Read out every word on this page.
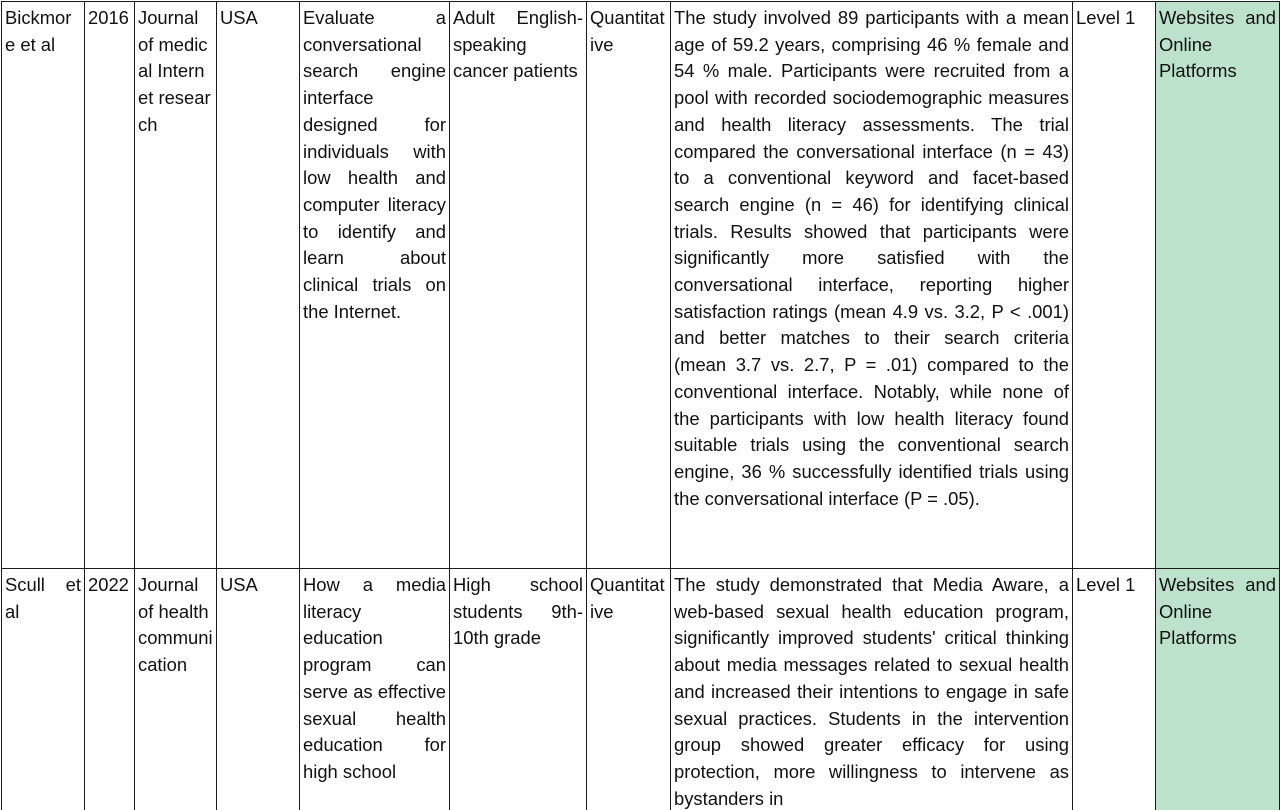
Bickmore et al	2016	Journal of medical Internet research	USA	Evaluate a conversational search engine interface designed for individuals with low health and computer literacy to identify and learn about clinical trials on the Internet.	Adult English-speaking cancer patients	Quantitative	The study involved 89 participants with a mean age of 59.2 years, comprising 46 % female and 54 % male. Participants were recruited from a pool with recorded sociodemographic measures and health literacy assessments. The trial compared the conversational interface (n = 43) to a conventional keyword and facet-based search engine (n = 46) for identifying clinical trials. Results showed that participants were significantly more satisfied with the conversational interface, reporting higher satisfaction ratings (mean 4.9 vs. 3.2, P < .001) and better matches to their search criteria (mean 3.7 vs. 2.7, P = .01) compared to the conventional interface. Notably, while none of the participants with low health literacy found suitable trials using the conventional search engine, 36 % successfully identified trials using the conversational interface (P = .05).	Level 1	Websites and Online Platforms
Scull et al	2022	Journal of health communication	USA	How a media literacy education program can serve as effective sexual health education for high school	High school students 9th-10th grade	Quantitative	The study demonstrated that Media Aware, a web-based sexual health education program, significantly improved students' critical thinking about media messages related to sexual health and increased their intentions to engage in safe sexual practices. Students in the intervention group showed greater efficacy for using protection, more willingness to intervene as bystanders in	Level 1	Websites and Online Platforms
